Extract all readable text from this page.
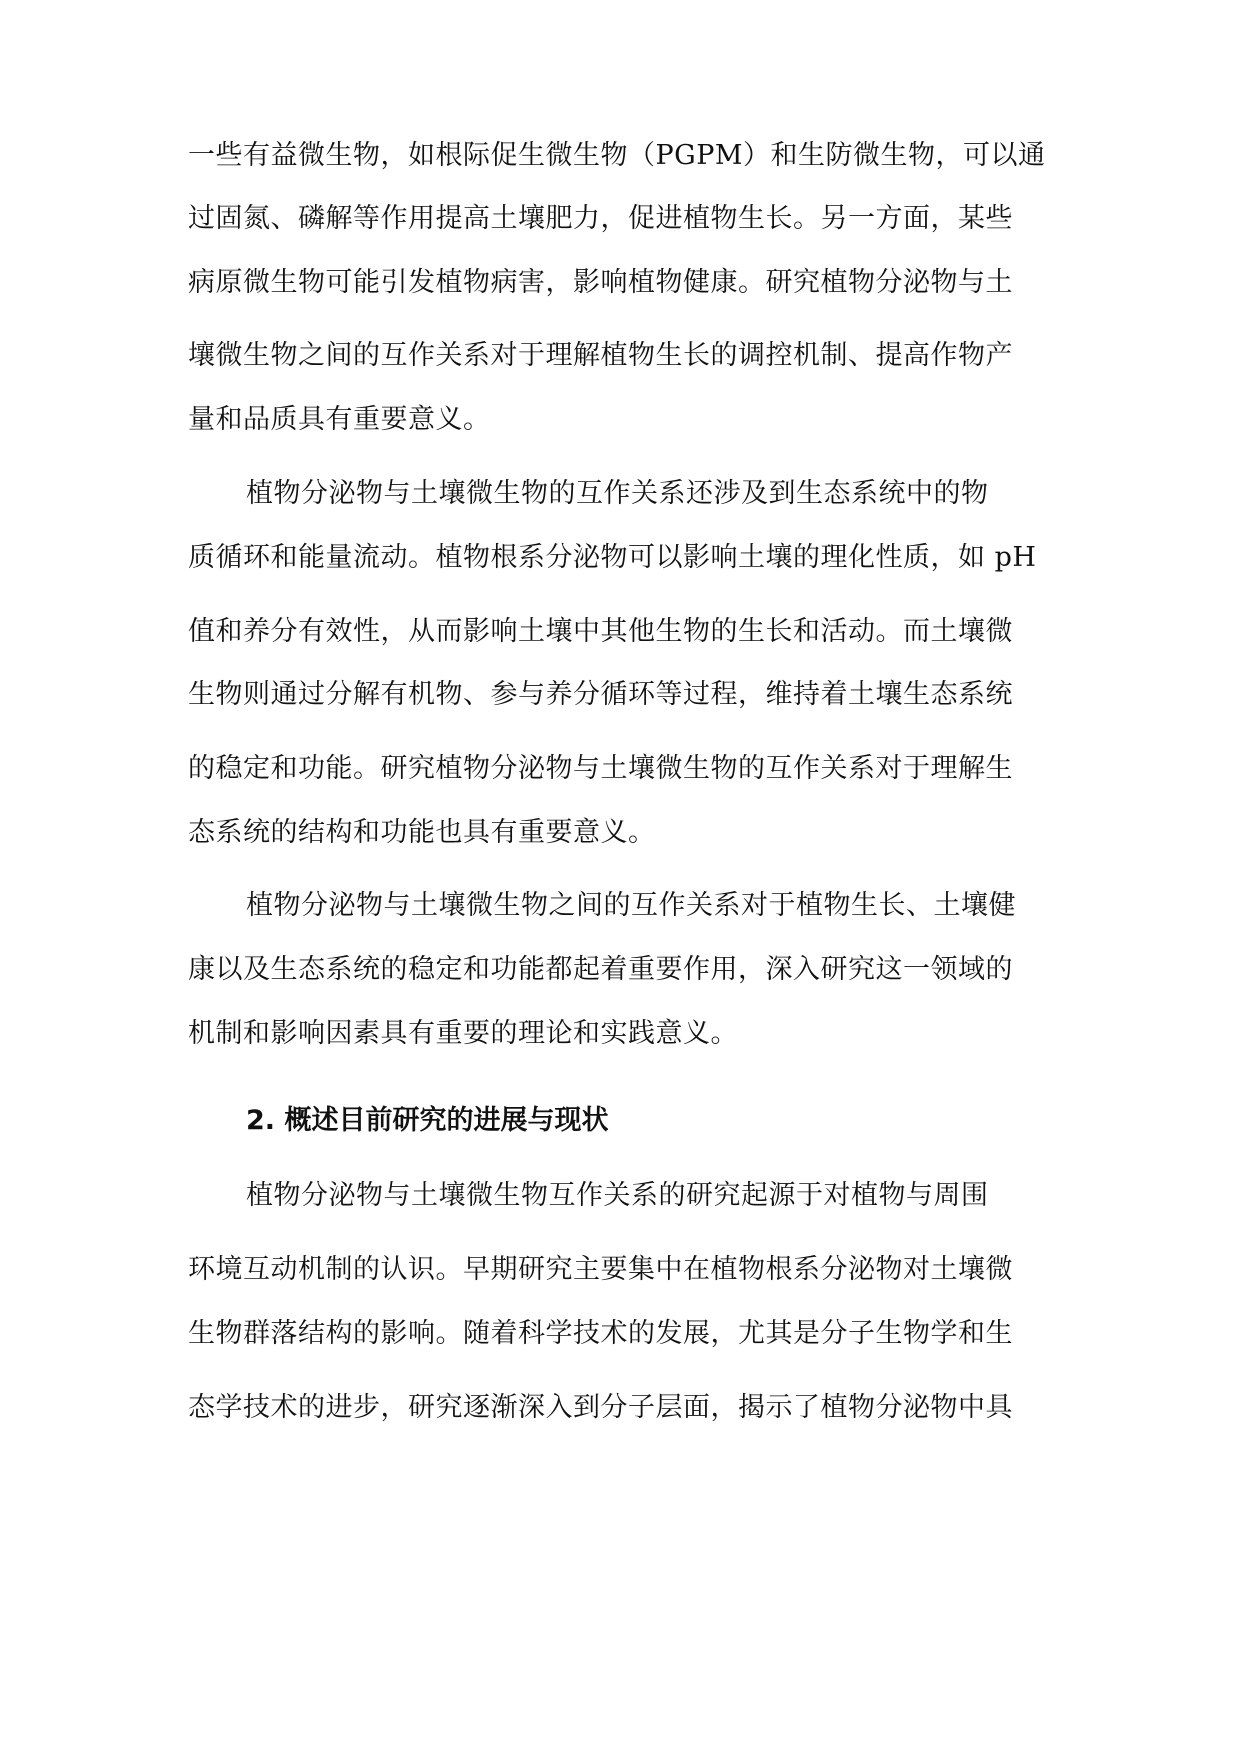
一些有益微生物，如根际促生微生物（PGPM）和生防微生物，可以通
过固氮、磷解等作用提高土壤肥力，促进植物生长。另一方面，某些
病原微生物可能引发植物病害，影响植物健康。研究植物分泌物与土
壤微生物之间的互作关系对于理解植物生长的调控机制、提高作物产
量和品质具有重要意义。
植物分泌物与土壤微生物的互作关系还涉及到生态系统中的物
质循环和能量流动。植物根系分泌物可以影响土壤的理化性质，如 pH
值和养分有效性，从而影响土壤中其他生物的生长和活动。而土壤微
生物则通过分解有机物、参与养分循环等过程，维持着土壤生态系统
的稳定和功能。研究植物分泌物与土壤微生物的互作关系对于理解生
态系统的结构和功能也具有重要意义。
植物分泌物与土壤微生物之间的互作关系对于植物生长、土壤健
康以及生态系统的稳定和功能都起着重要作用，深入研究这一领域的
机制和影响因素具有重要的理论和实践意义。
2. 概述目前研究的进展与现状
植物分泌物与土壤微生物互作关系的研究起源于对植物与周围
环境互动机制的认识。早期研究主要集中在植物根系分泌物对土壤微
生物群落结构的影响。随着科学技术的发展，尤其是分子生物学和生
态学技术的进步，研究逐渐深入到分子层面，揭示了植物分泌物中具
